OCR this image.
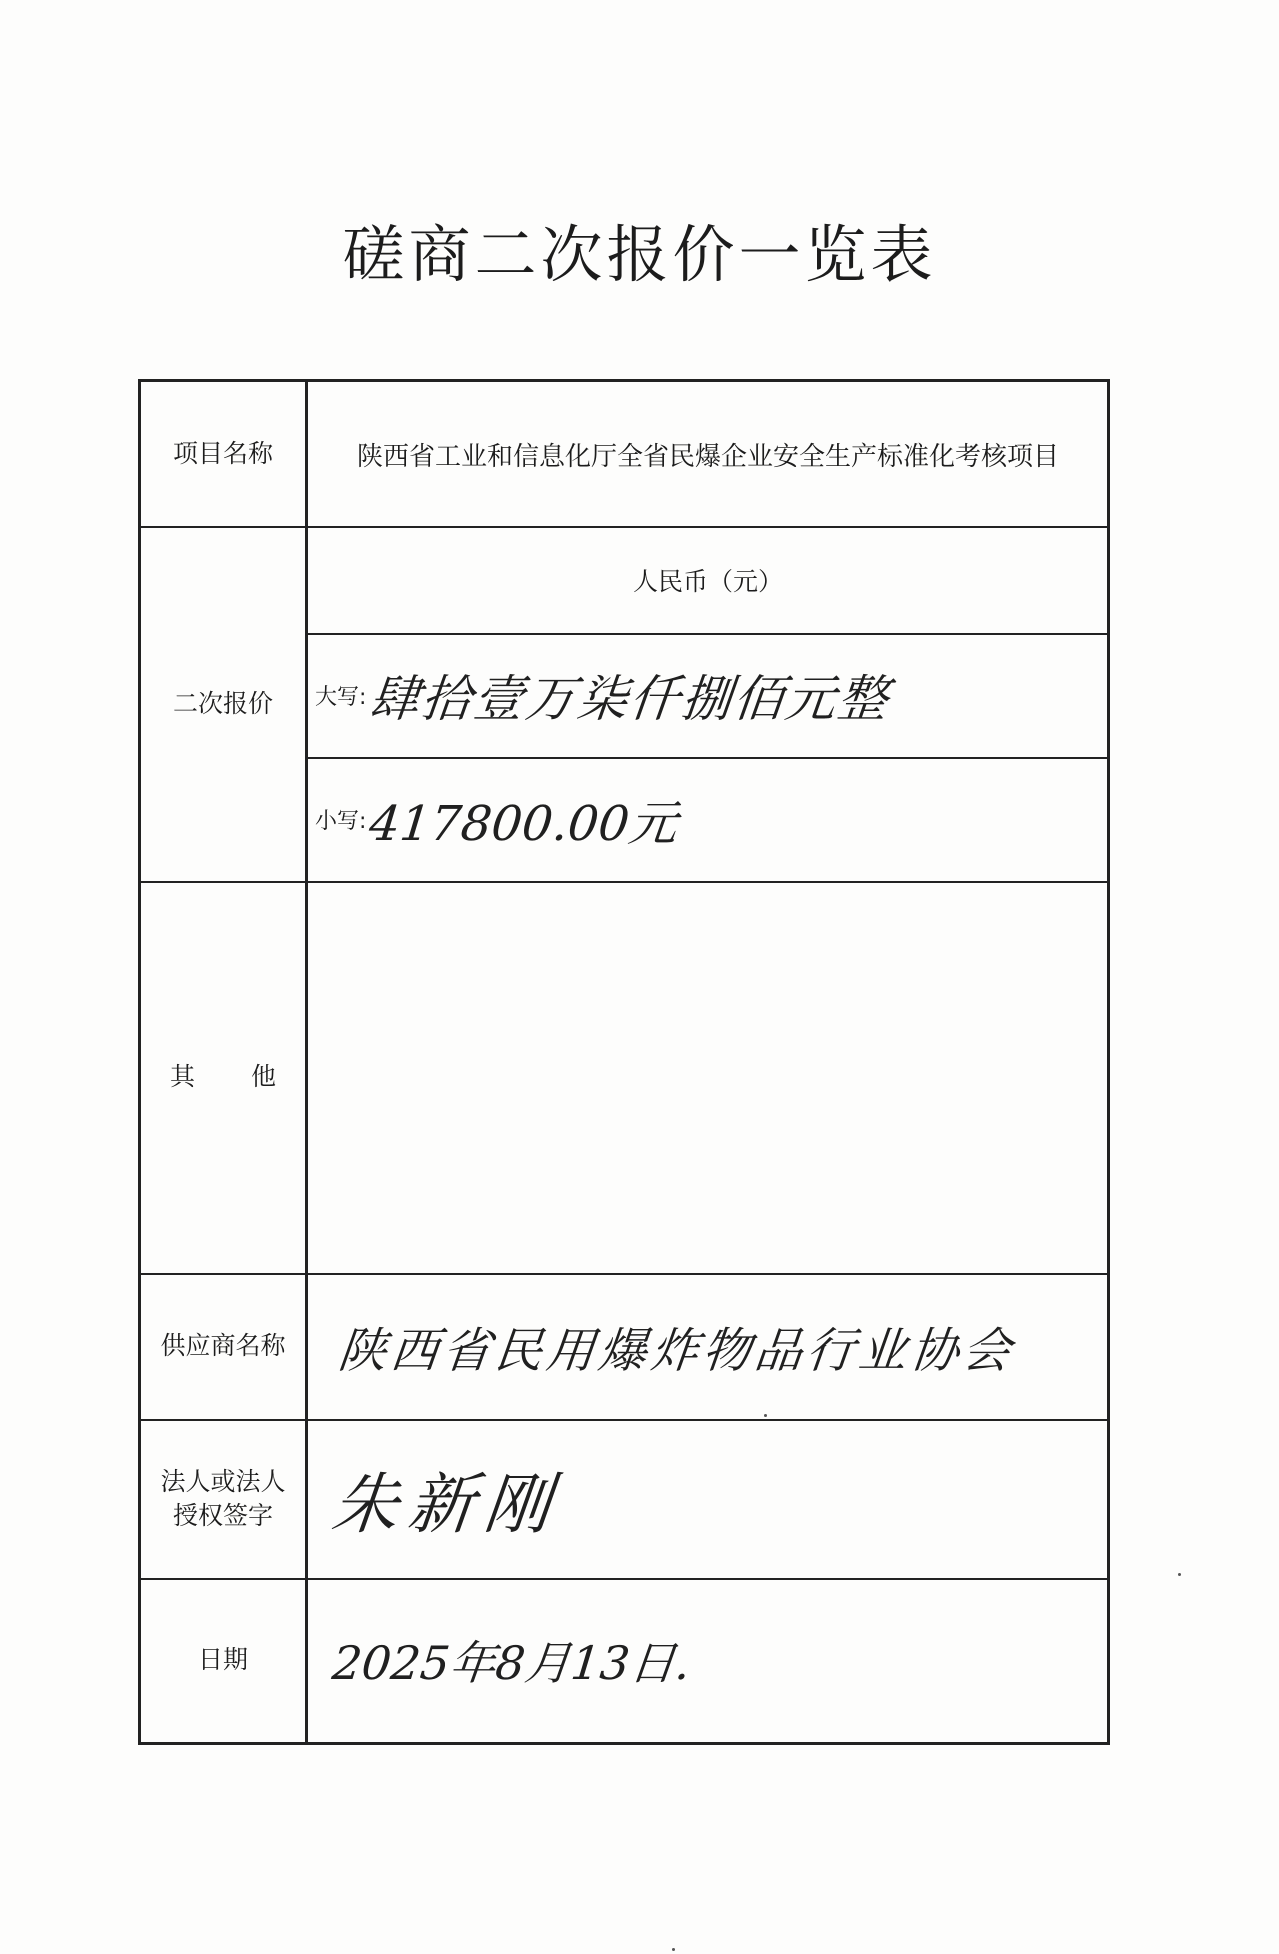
磋商二次报价一览表
项目名称	陕西省工业和信息化厅全省民爆企业安全生产标准化考核项目
二次报价
人民币（元）
大写: 肆拾壹万柒仟捌佰元整
小写: 417800.00元
其 他
供应商名称	陕西省民用爆炸物品行业协会
法人或法人
授权签字 朱新刚
日期	2025年8月13日.
